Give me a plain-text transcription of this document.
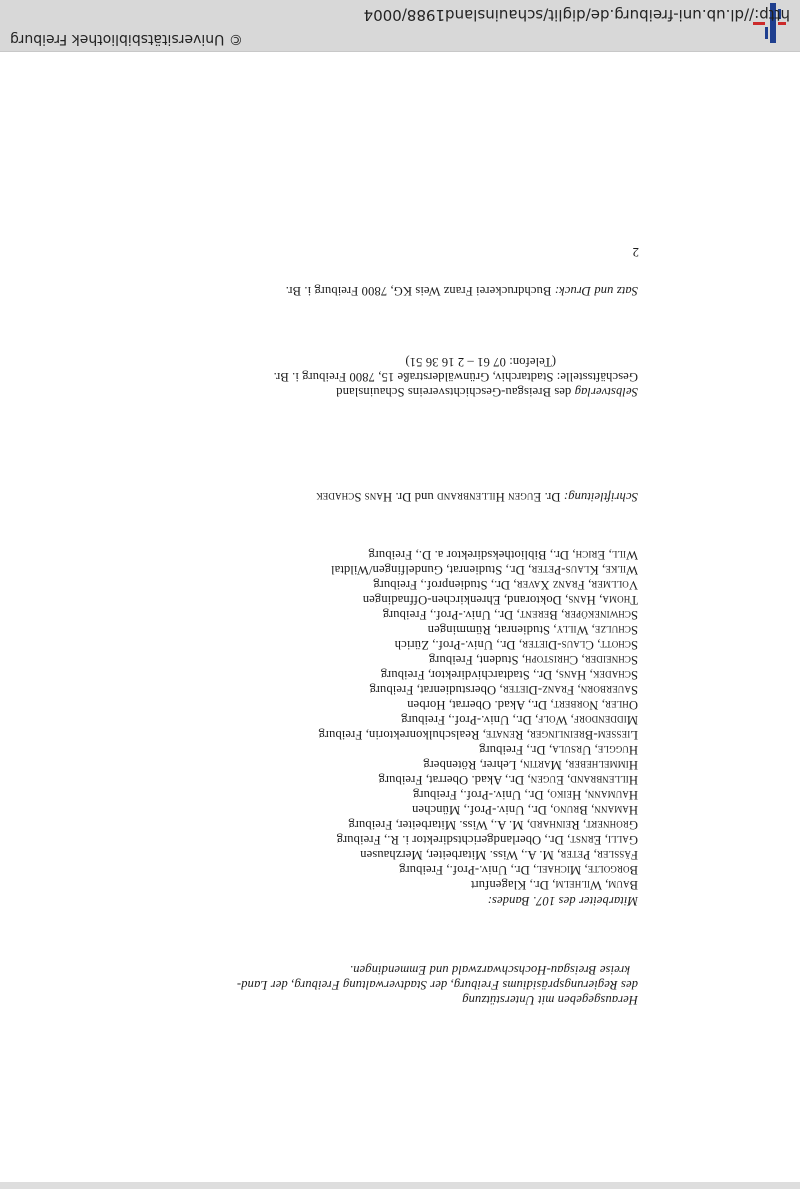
Herausgegeben mit Unterstützung
des Regierungspräsidiums Freiburg, der Stadtverwaltung Freiburg, der Land-
kreise Breisgau-Hochschwarzwald und Emmendingen.
Mitarbeiter des 107. Bandes:
Baum, Wilhelm, Dr., Klagenfurt
Borgolte, Michael, Dr., Univ.-Prof., Freiburg
Fässler, Peter, M. A., Wiss. Mitarbeiter, Merzhausen
Galli, Ernst, Dr., Oberlandgerichtsdirektor i. R., Freiburg
Grohnert, Reinhard, M. A., Wiss. Mitarbeiter, Freiburg
Hamann, Bruno, Dr., Univ.-Prof., München
Haumann, Heiko, Dr., Univ.-Prof., Freiburg
Hillenbrand, Eugen, Dr., Akad. Oberrat, Freiburg
Himmelheber, Martin, Lehrer, Rötenberg
Huggle, Ursula, Dr., Freiburg
Liessem-Breinlinger, Renate, Realschulkonrektorin, Freiburg
Middendorf, Wolf, Dr., Univ.-Prof., Freiburg
Ohler, Norbert, Dr., Akad. Oberrat, Horben
Sauerborn, Franz-Dieter, Oberstudienrat, Freiburg
Schadek, Hans, Dr., Stadtarchivdirektor, Freiburg
Schneider, Christoph, Student, Freiburg
Schott, Claus-Dieter, Dr., Univ.-Prof., Zürich
Schulze, Willy, Studienrat, Rümmingen
Schwineköper, Berent, Dr., Univ.-Prof., Freiburg
Thoma, Hans, Doktorand, Ehrenkirchen-Offnadingen
Vollmer, Franz Xaver, Dr., Studienprof., Freiburg
Wilke, Klaus-Peter, Dr., Studienrat, Gundelfingen/Wildtal
Will, Erich, Dr., Bibliotheksdirektor a. D., Freiburg
Schriftleitung: Dr. Eugen Hillenbrand und Dr. Hans Schadek
Selbstverlag des Breisgau-Geschichtsvereins Schauinsland
Geschäftsstelle: Stadtarchiv, Grünwälderstraße 15, 7800 Freiburg i. Br.
(Telefon: 07 61 – 2 16 36 51)
Satz und Druck: Buchdruckerei Franz Weis KG, 7800 Freiburg i. Br.
2
© Universitätsbibliothek Freiburg
http://dl.ub.uni-freiburg.de/diglit/schauinsland1988/0004
